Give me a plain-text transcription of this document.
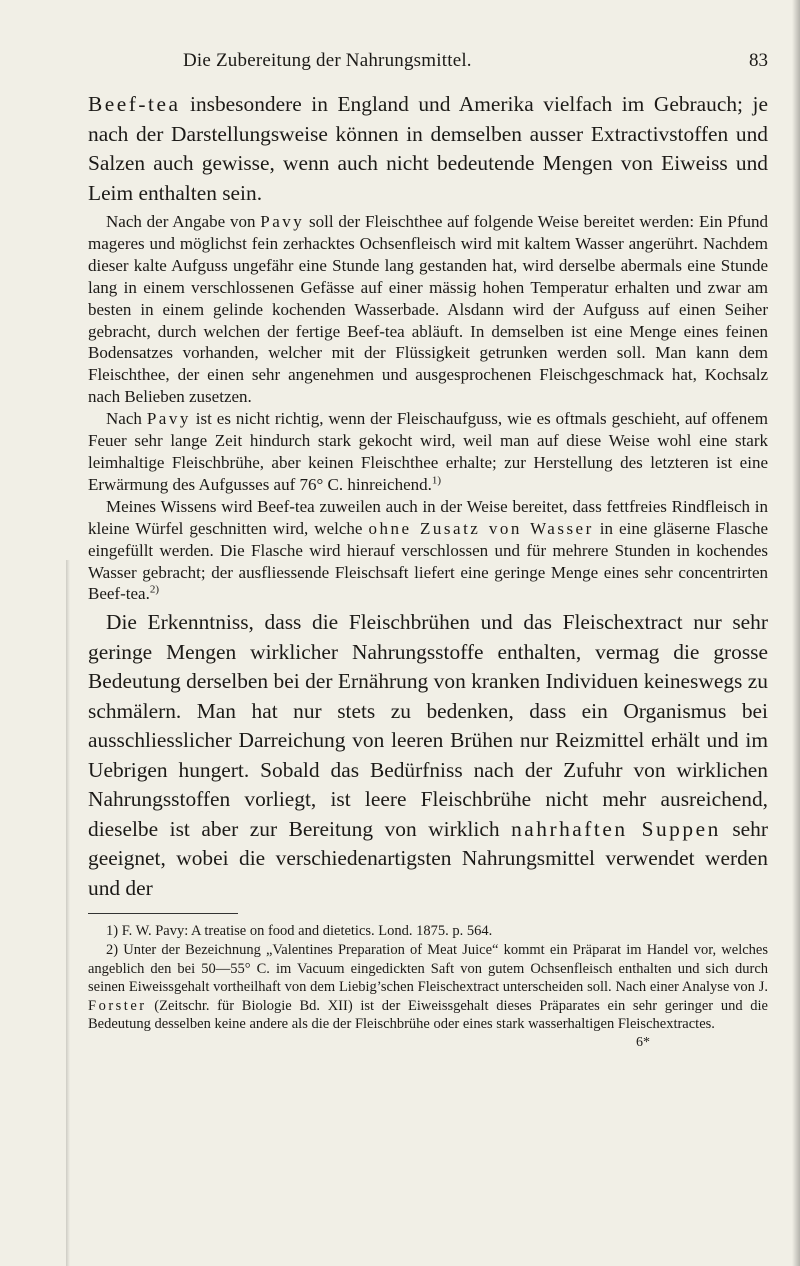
Die Zubereitung der Nahrungsmittel.	83

Beef-tea insbesondere in England und Amerika vielfach im Gebrauch; je nach der Darstellungsweise können in demselben ausser Extractivstoffen und Salzen auch gewisse, wenn auch nicht bedeutende Mengen von Eiweiss und Leim enthalten sein.

Nach der Angabe von Pavy soll der Fleischthee auf folgende Weise bereitet werden: Ein Pfund mageres und möglichst fein zerhacktes Ochsenfleisch wird mit kaltem Wasser angerührt. Nachdem dieser kalte Aufguss ungefähr eine Stunde lang gestanden hat, wird derselbe abermals eine Stunde lang in einem verschlossenen Gefässe auf einer mässig hohen Temperatur erhalten und zwar am besten in einem gelinde kochenden Wasserbade. Alsdann wird der Aufguss auf einen Seiher gebracht, durch welchen der fertige Beef-tea abläuft. In demselben ist eine Menge eines feinen Bodensatzes vorhanden, welcher mit der Flüssigkeit getrunken werden soll. Man kann dem Fleischthee, der einen sehr angenehmen und ausgesprochenen Fleischgeschmack hat, Kochsalz nach Belieben zusetzen.

Nach Pavy ist es nicht richtig, wenn der Fleischaufguss, wie es oftmals geschieht, auf offenem Feuer sehr lange Zeit hindurch stark gekocht wird, weil man auf diese Weise wohl eine stark leimhaltige Fleischbrühe, aber keinen Fleischthee erhalte; zur Herstellung des letzteren ist eine Erwärmung des Aufgusses auf 76° C. hinreichend.$^{1)}$

Meines Wissens wird Beef-tea zuweilen auch in der Weise bereitet, dass fettfreies Rindfleisch in kleine Würfel geschnitten wird, welche ohne Zusatz von Wasser in eine gläserne Flasche eingefüllt werden. Die Flasche wird hierauf verschlossen und für mehrere Stunden in kochendes Wasser gebracht; der ausfliessende Fleischsaft liefert eine geringe Menge eines sehr concentrirten Beef-tea.$^{2)}$

Die Erkenntniss, dass die Fleischbrühen und das Fleischextract nur sehr geringe Mengen wirklicher Nahrungsstoffe enthalten, vermag die grosse Bedeutung derselben bei der Ernährung von kranken Individuen keineswegs zu schmälern. Man hat nur stets zu bedenken, dass ein Organismus bei ausschliesslicher Darreichung von leeren Brühen nur Reizmittel erhält und im Uebrigen hungert. Sobald das Bedürfniss nach der Zufuhr von wirklichen Nahrungsstoffen vorliegt, ist leere Fleischbrühe nicht mehr ausreichend, dieselbe ist aber zur Bereitung von wirklich nahrhaften Suppen sehr geeignet, wobei die verschiedenartigsten Nahrungsmittel verwendet werden und der

1) F. W. Pavy: A treatise on food and dietetics. Lond. 1875. p. 564.

2) Unter der Bezeichnung „Valentines Preparation of Meat Juice“ kommt ein Präparat im Handel vor, welches angeblich den bei 50—55° C. im Vacuum eingedickten Saft von gutem Ochsenfleisch enthalten und sich durch seinen Eiweissgehalt vortheilhaft von dem Liebig’schen Fleischextract unterscheiden soll. Nach einer Analyse von J. Forster (Zeitschr. für Biologie Bd. XII) ist der Eiweissgehalt dieses Präparates ein sehr geringer und die Bedeutung desselben keine andere als die der Fleischbrühe oder eines stark wasserhaltigen Fleischextractes.

6*
